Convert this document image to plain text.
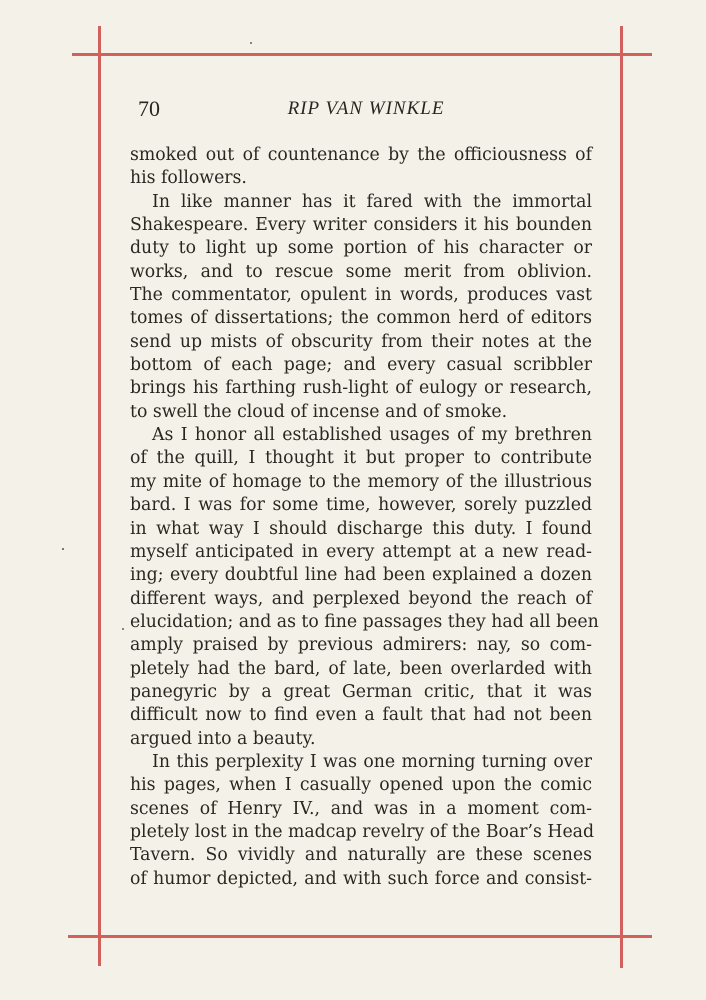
70	RIP VAN WINKLE
smoked out of countenance by the officiousness of
his followers.
In like manner has it fared with the immortal
Shakespeare. Every writer considers it his bounden
duty to light up some portion of his character or
works, and to rescue some merit from oblivion.
The commentator, opulent in words, produces vast
tomes of dissertations; the common herd of editors
send up mists of obscurity from their notes at the
bottom of each page; and every casual scribbler
brings his farthing rush-light of eulogy or research,
to swell the cloud of incense and of smoke.
As I honor all established usages of my brethren
of the quill, I thought it but proper to contribute
my mite of homage to the memory of the illustrious
bard. I was for some time, however, sorely puzzled
in what way I should discharge this duty. I found
myself anticipated in every attempt at a new read-
ing; every doubtful line had been explained a dozen
different ways, and perplexed beyond the reach of
elucidation; and as to fine passages they had all been
amply praised by previous admirers: nay, so com-
pletely had the bard, of late, been overlarded with
panegyric by a great German critic, that it was
difficult now to find even a fault that had not been
argued into a beauty.
In this perplexity I was one morning turning over
his pages, when I casually opened upon the comic
scenes of Henry IV., and was in a moment com-
pletely lost in the madcap revelry of the Boar’s Head
Tavern. So vividly and naturally are these scenes
of humor depicted, and with such force and consist-
